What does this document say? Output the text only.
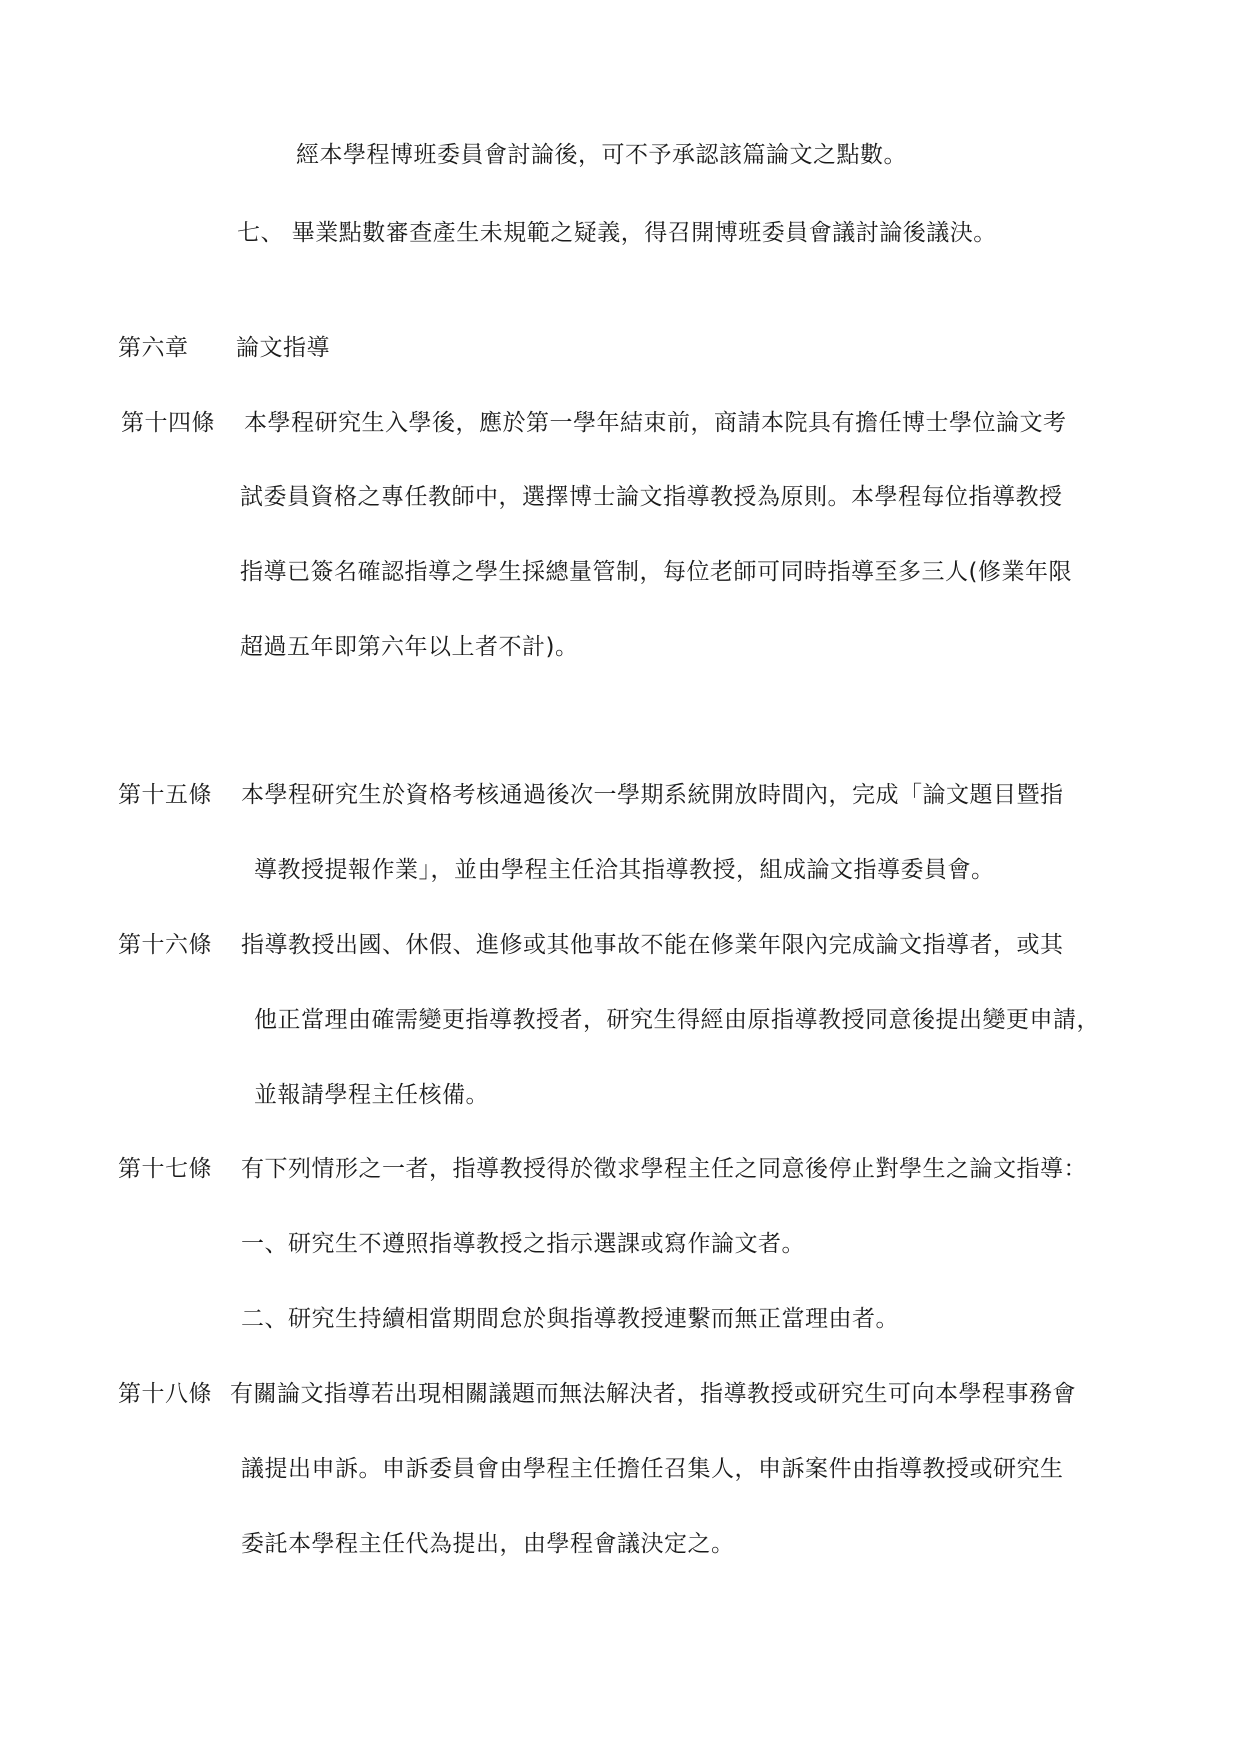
經本學程博班委員會討論後，可不予承認該篇論文之點數。
七、 畢業點數審查產生未規範之疑義，得召開博班委員會議討論後議決。
第六章 論文指導
第十四條 本學程研究生入學後，應於第一學年結束前，商請本院具有擔任博士學位論文考
試委員資格之專任教師中，選擇博士論文指導教授為原則。本學程每位指導教授
指導已簽名確認指導之學生採總量管制，每位老師可同時指導至多三人(修業年限
超過五年即第六年以上者不計)。
第十五條 本學程研究生於資格考核通過後次一學期系統開放時間內，完成「論文題目暨指
導教授提報作業」，並由學程主任洽其指導教授，組成論文指導委員會。
第十六條 指導教授出國、休假、進修或其他事故不能在修業年限內完成論文指導者，或其
他正當理由確需變更指導教授者，研究生得經由原指導教授同意後提出變更申請，
並報請學程主任核備。
第十七條 有下列情形之一者，指導教授得於徵求學程主任之同意後停止對學生之論文指導：
一、研究生不遵照指導教授之指示選課或寫作論文者。
二、研究生持續相當期間怠於與指導教授連繫而無正當理由者。
第十八條 有關論文指導若出現相關議題而無法解決者，指導教授或研究生可向本學程事務會
議提出申訴。申訴委員會由學程主任擔任召集人，申訴案件由指導教授或研究生
委託本學程主任代為提出，由學程會議決定之。
